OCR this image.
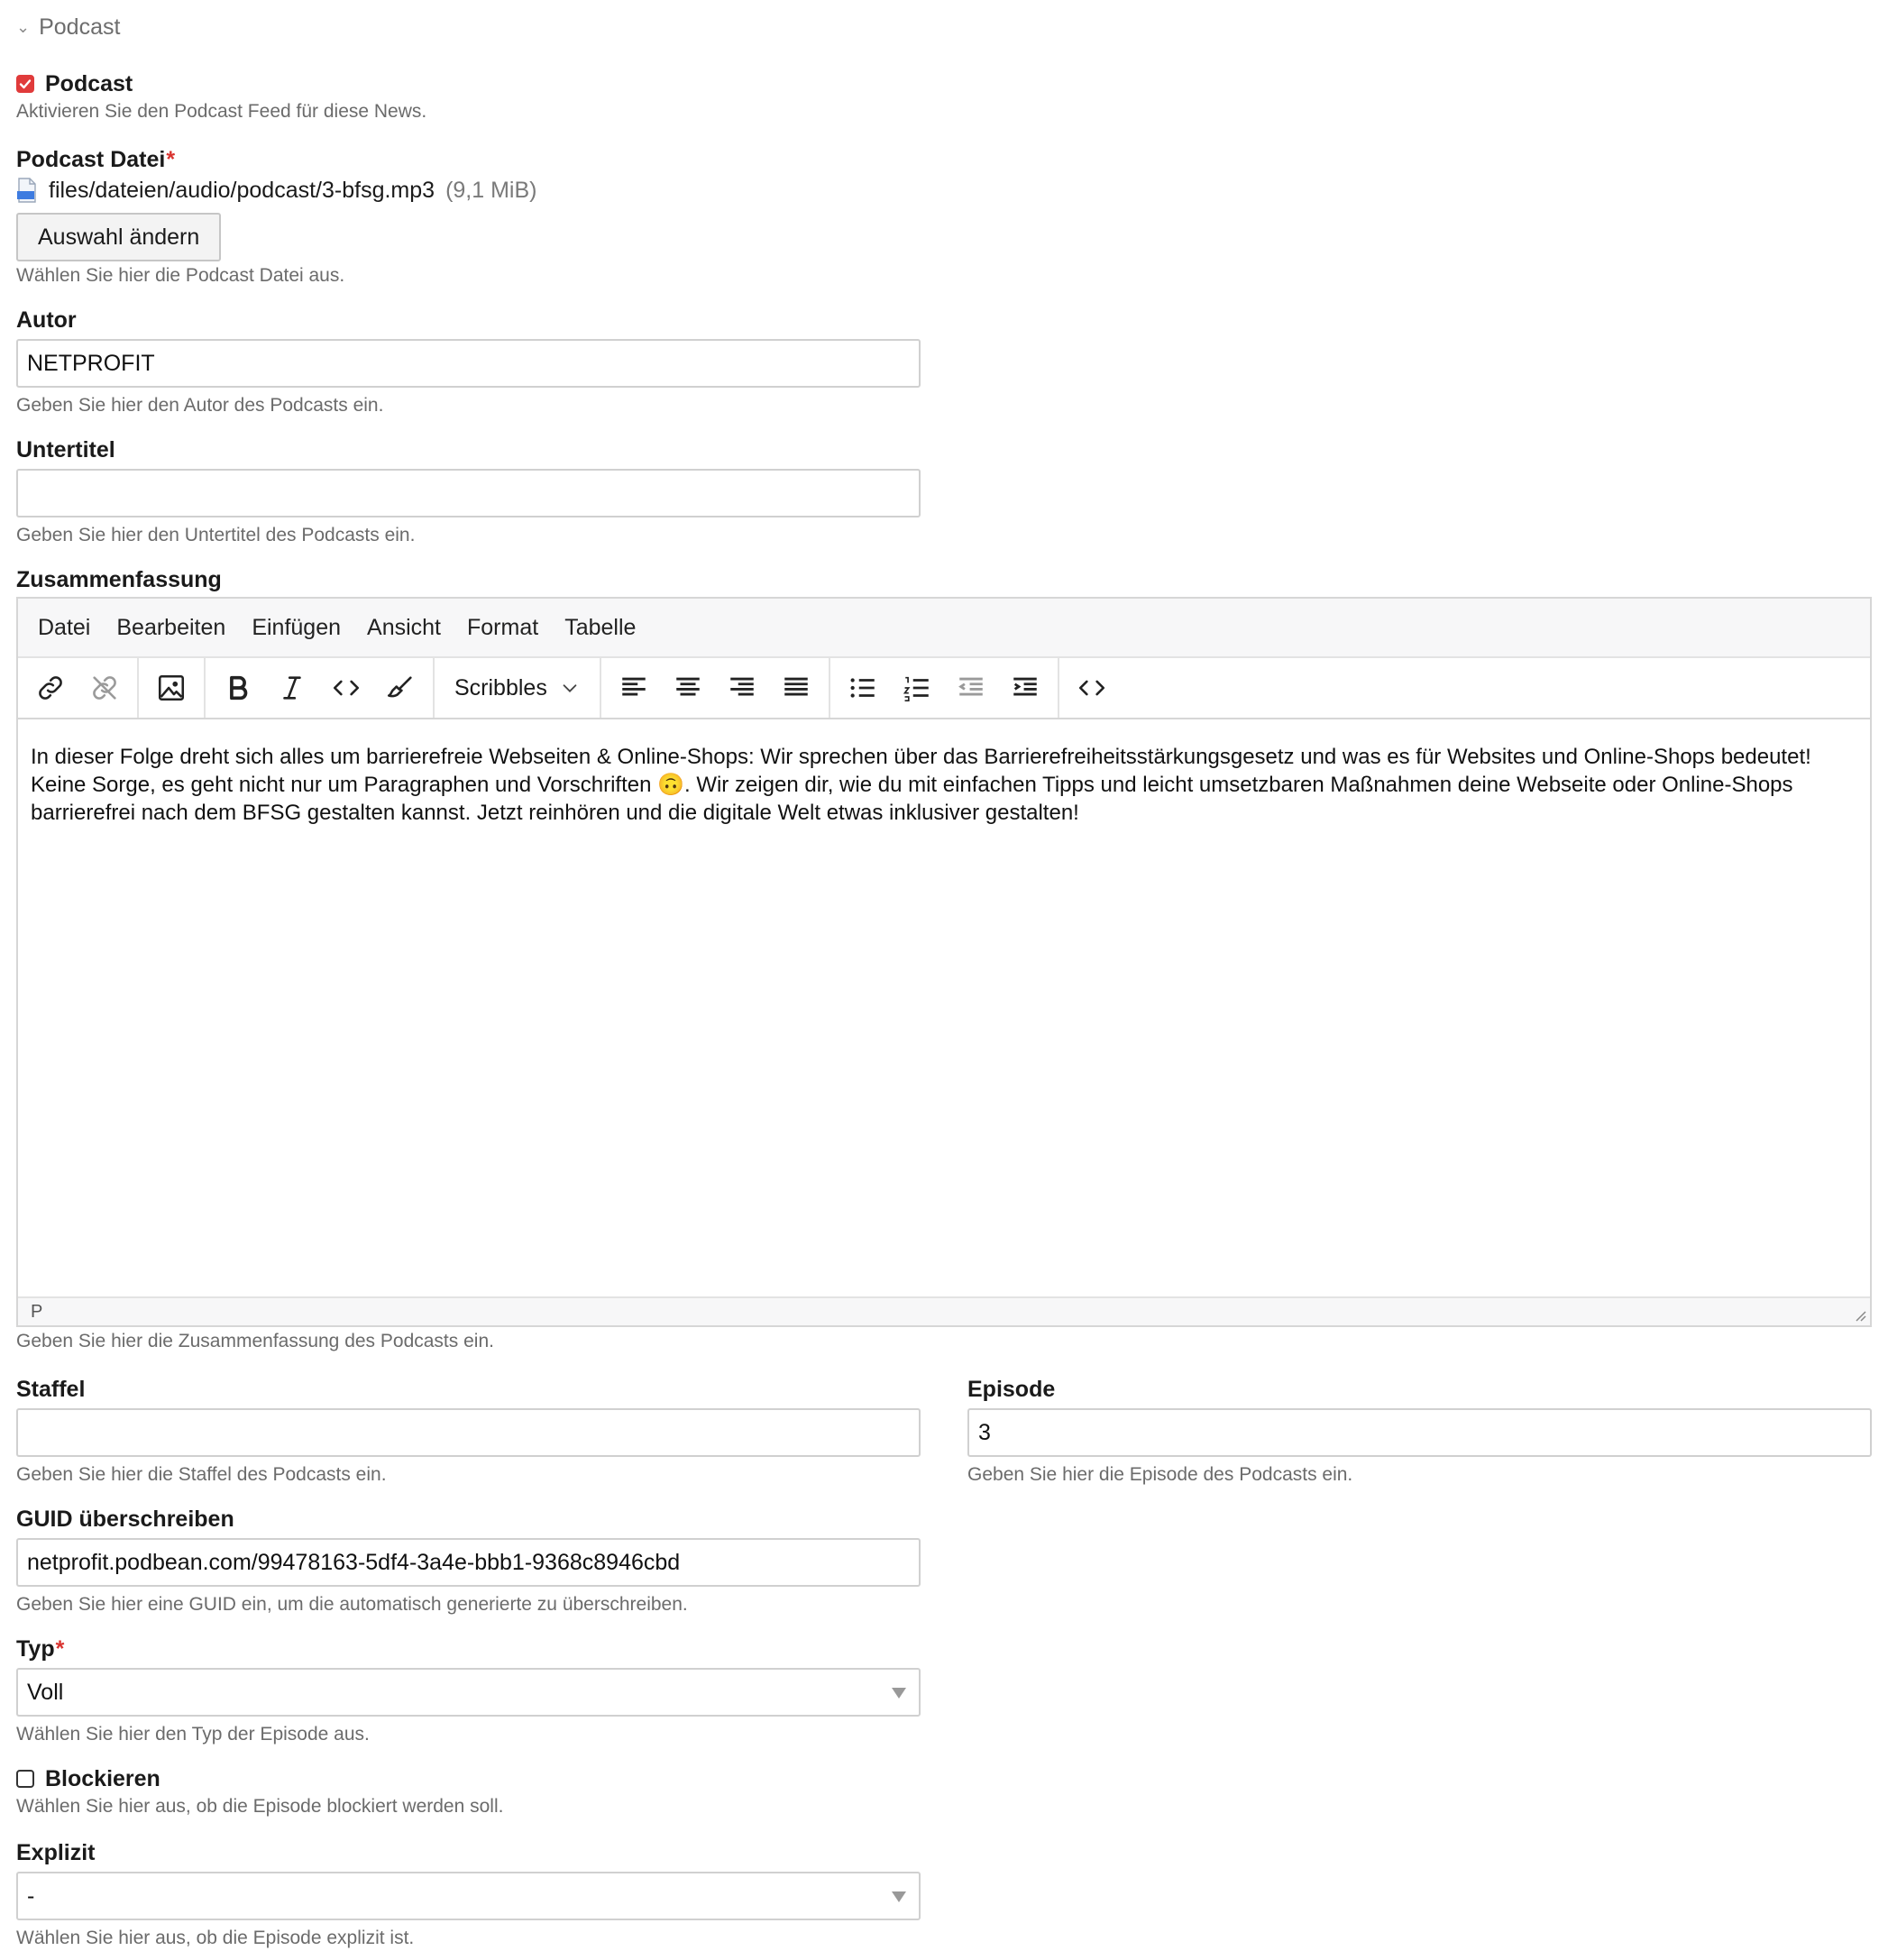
⌄ Podcast
Podcast
Aktivieren Sie den Podcast Feed für diese News.
Podcast Datei*
files/dateien/audio/podcast/3-bfsg.mp3 (9,1 MiB)
Auswahl ändern
Wählen Sie hier die Podcast Datei aus.
Autor
NETPROFIT
Geben Sie hier den Autor des Podcasts ein.
Untertitel
Geben Sie hier den Untertitel des Podcasts ein.
Zusammenfassung
Datei Bearbeiten Einfügen Ansicht Format Tabelle
Scribbles
In dieser Folge dreht sich alles um barrierefreie Webseiten & Online-Shops: Wir sprechen über das Barrierefreiheitsstärkungsgesetz und was es für Websites und Online-Shops bedeutet! Keine Sorge, es geht nicht nur um Paragraphen und Vorschriften 🙃. Wir zeigen dir, wie du mit einfachen Tipps und leicht umsetzbaren Maßnahmen deine Webseite oder Online-Shops barrierefrei nach dem BFSG gestalten kannst. Jetzt reinhören und die digitale Welt etwas inklusiver gestalten!
P
Geben Sie hier die Zusammenfassung des Podcasts ein.
Staffel
Geben Sie hier die Staffel des Podcasts ein.
Episode
3
Geben Sie hier die Episode des Podcasts ein.
GUID überschreiben
netprofit.podbean.com/99478163-5df4-3a4e-bbb1-9368c8946cbd
Geben Sie hier eine GUID ein, um die automatisch generierte zu überschreiben.
Typ*
Voll
Wählen Sie hier den Typ der Episode aus.
Blockieren
Wählen Sie hier aus, ob die Episode blockiert werden soll.
Explizit
-
Wählen Sie hier aus, ob die Episode explizit ist.
